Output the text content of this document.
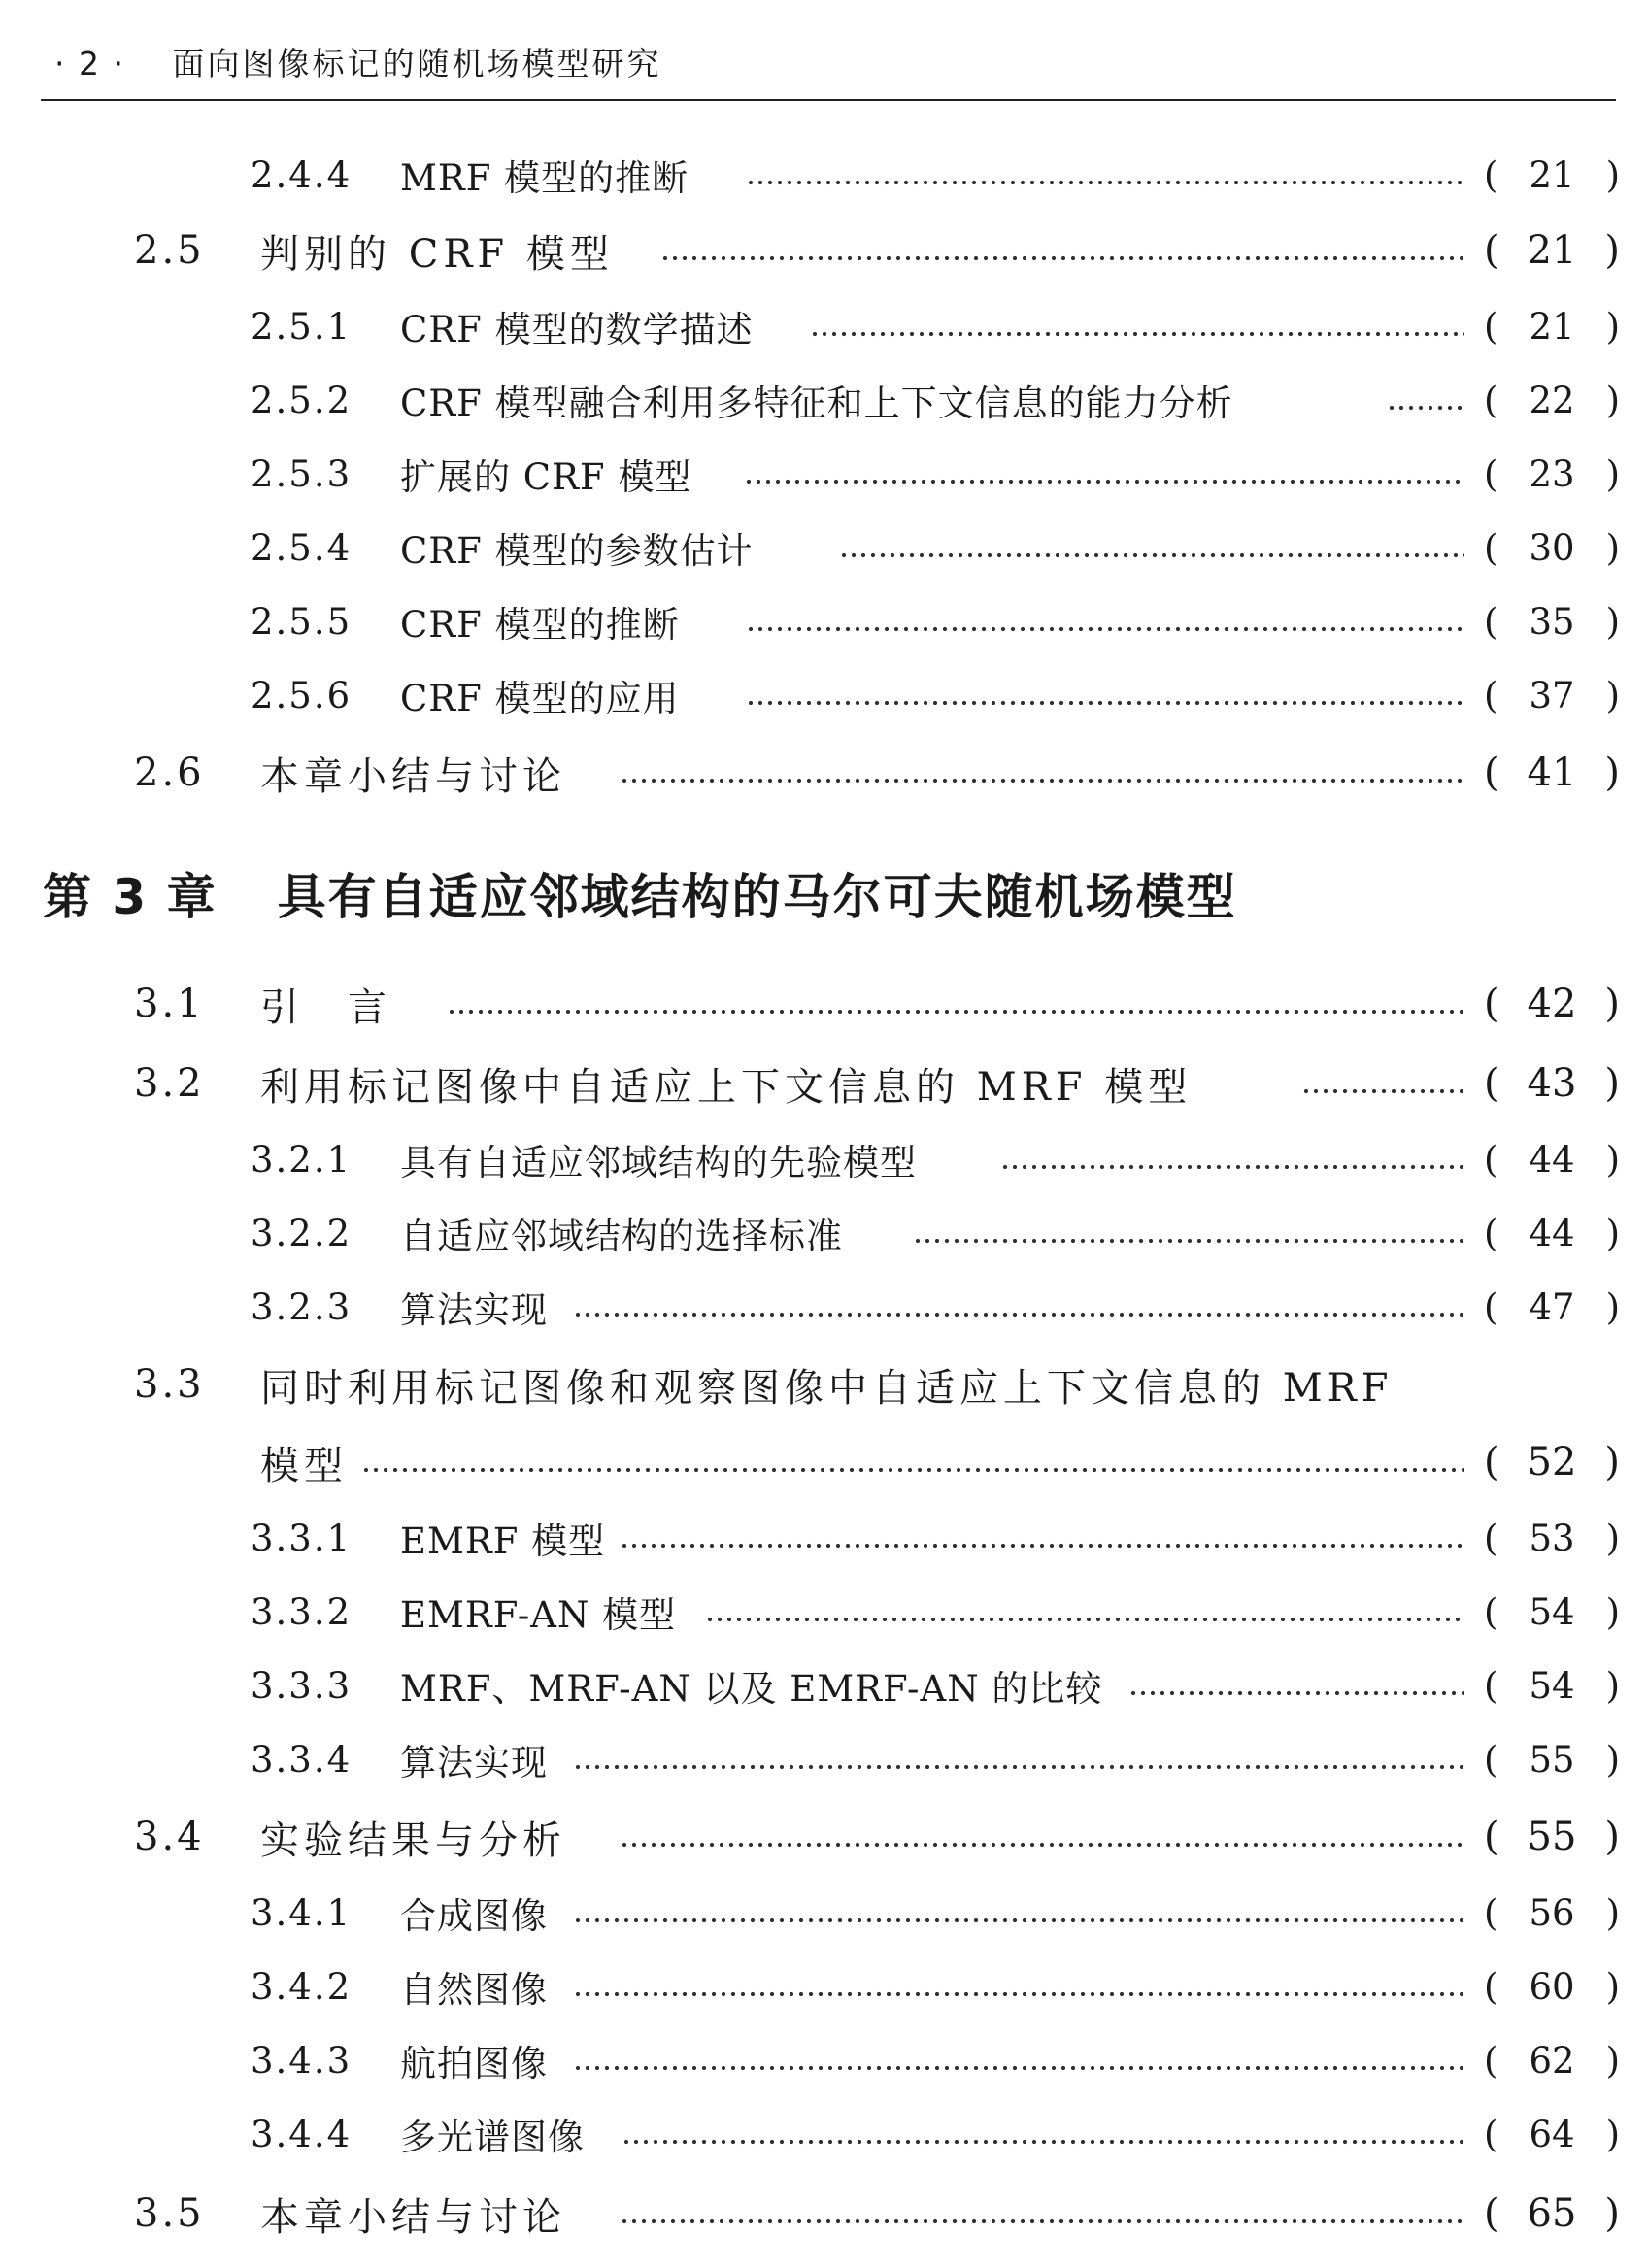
· 2 · 面向图像标记的随机场模型研究
2.4.4	MRF 模型的推断	( 21 )
2.5	判别的 CRF 模型	( 21 )
2.5.1	CRF 模型的数学描述	( 21 )
2.5.2	CRF 模型融合利用多特征和上下文信息的能力分析	( 22 )
2.5.3	扩展的 CRF 模型	( 23 )
2.5.4	CRF 模型的参数估计	( 30 )
2.5.5	CRF 模型的推断	( 35 )
2.5.6	CRF 模型的应用	( 37 )
2.6	本章小结与讨论	( 41 )
第 3 章 具有自适应邻域结构的马尔可夫随机场模型
3.1	引　言	( 42 )
3.2	利用标记图像中自适应上下文信息的 MRF 模型	( 43 )
3.2.1	具有自适应邻域结构的先验模型	( 44 )
3.2.2	自适应邻域结构的选择标准	( 44 )
3.2.3	算法实现	( 47 )
3.3	同时利用标记图像和观察图像中自适应上下文信息的 MRF
模型	( 52 )
3.3.1	EMRF 模型	( 53 )
3.3.2	EMRF-AN 模型	( 54 )
3.3.3	MRF、MRF-AN 以及 EMRF-AN 的比较	( 54 )
3.3.4	算法实现	( 55 )
3.4	实验结果与分析	( 55 )
3.4.1	合成图像	( 56 )
3.4.2	自然图像	( 60 )
3.4.3	航拍图像	( 62 )
3.4.4	多光谱图像	( 64 )
3.5	本章小结与讨论	( 65 )
